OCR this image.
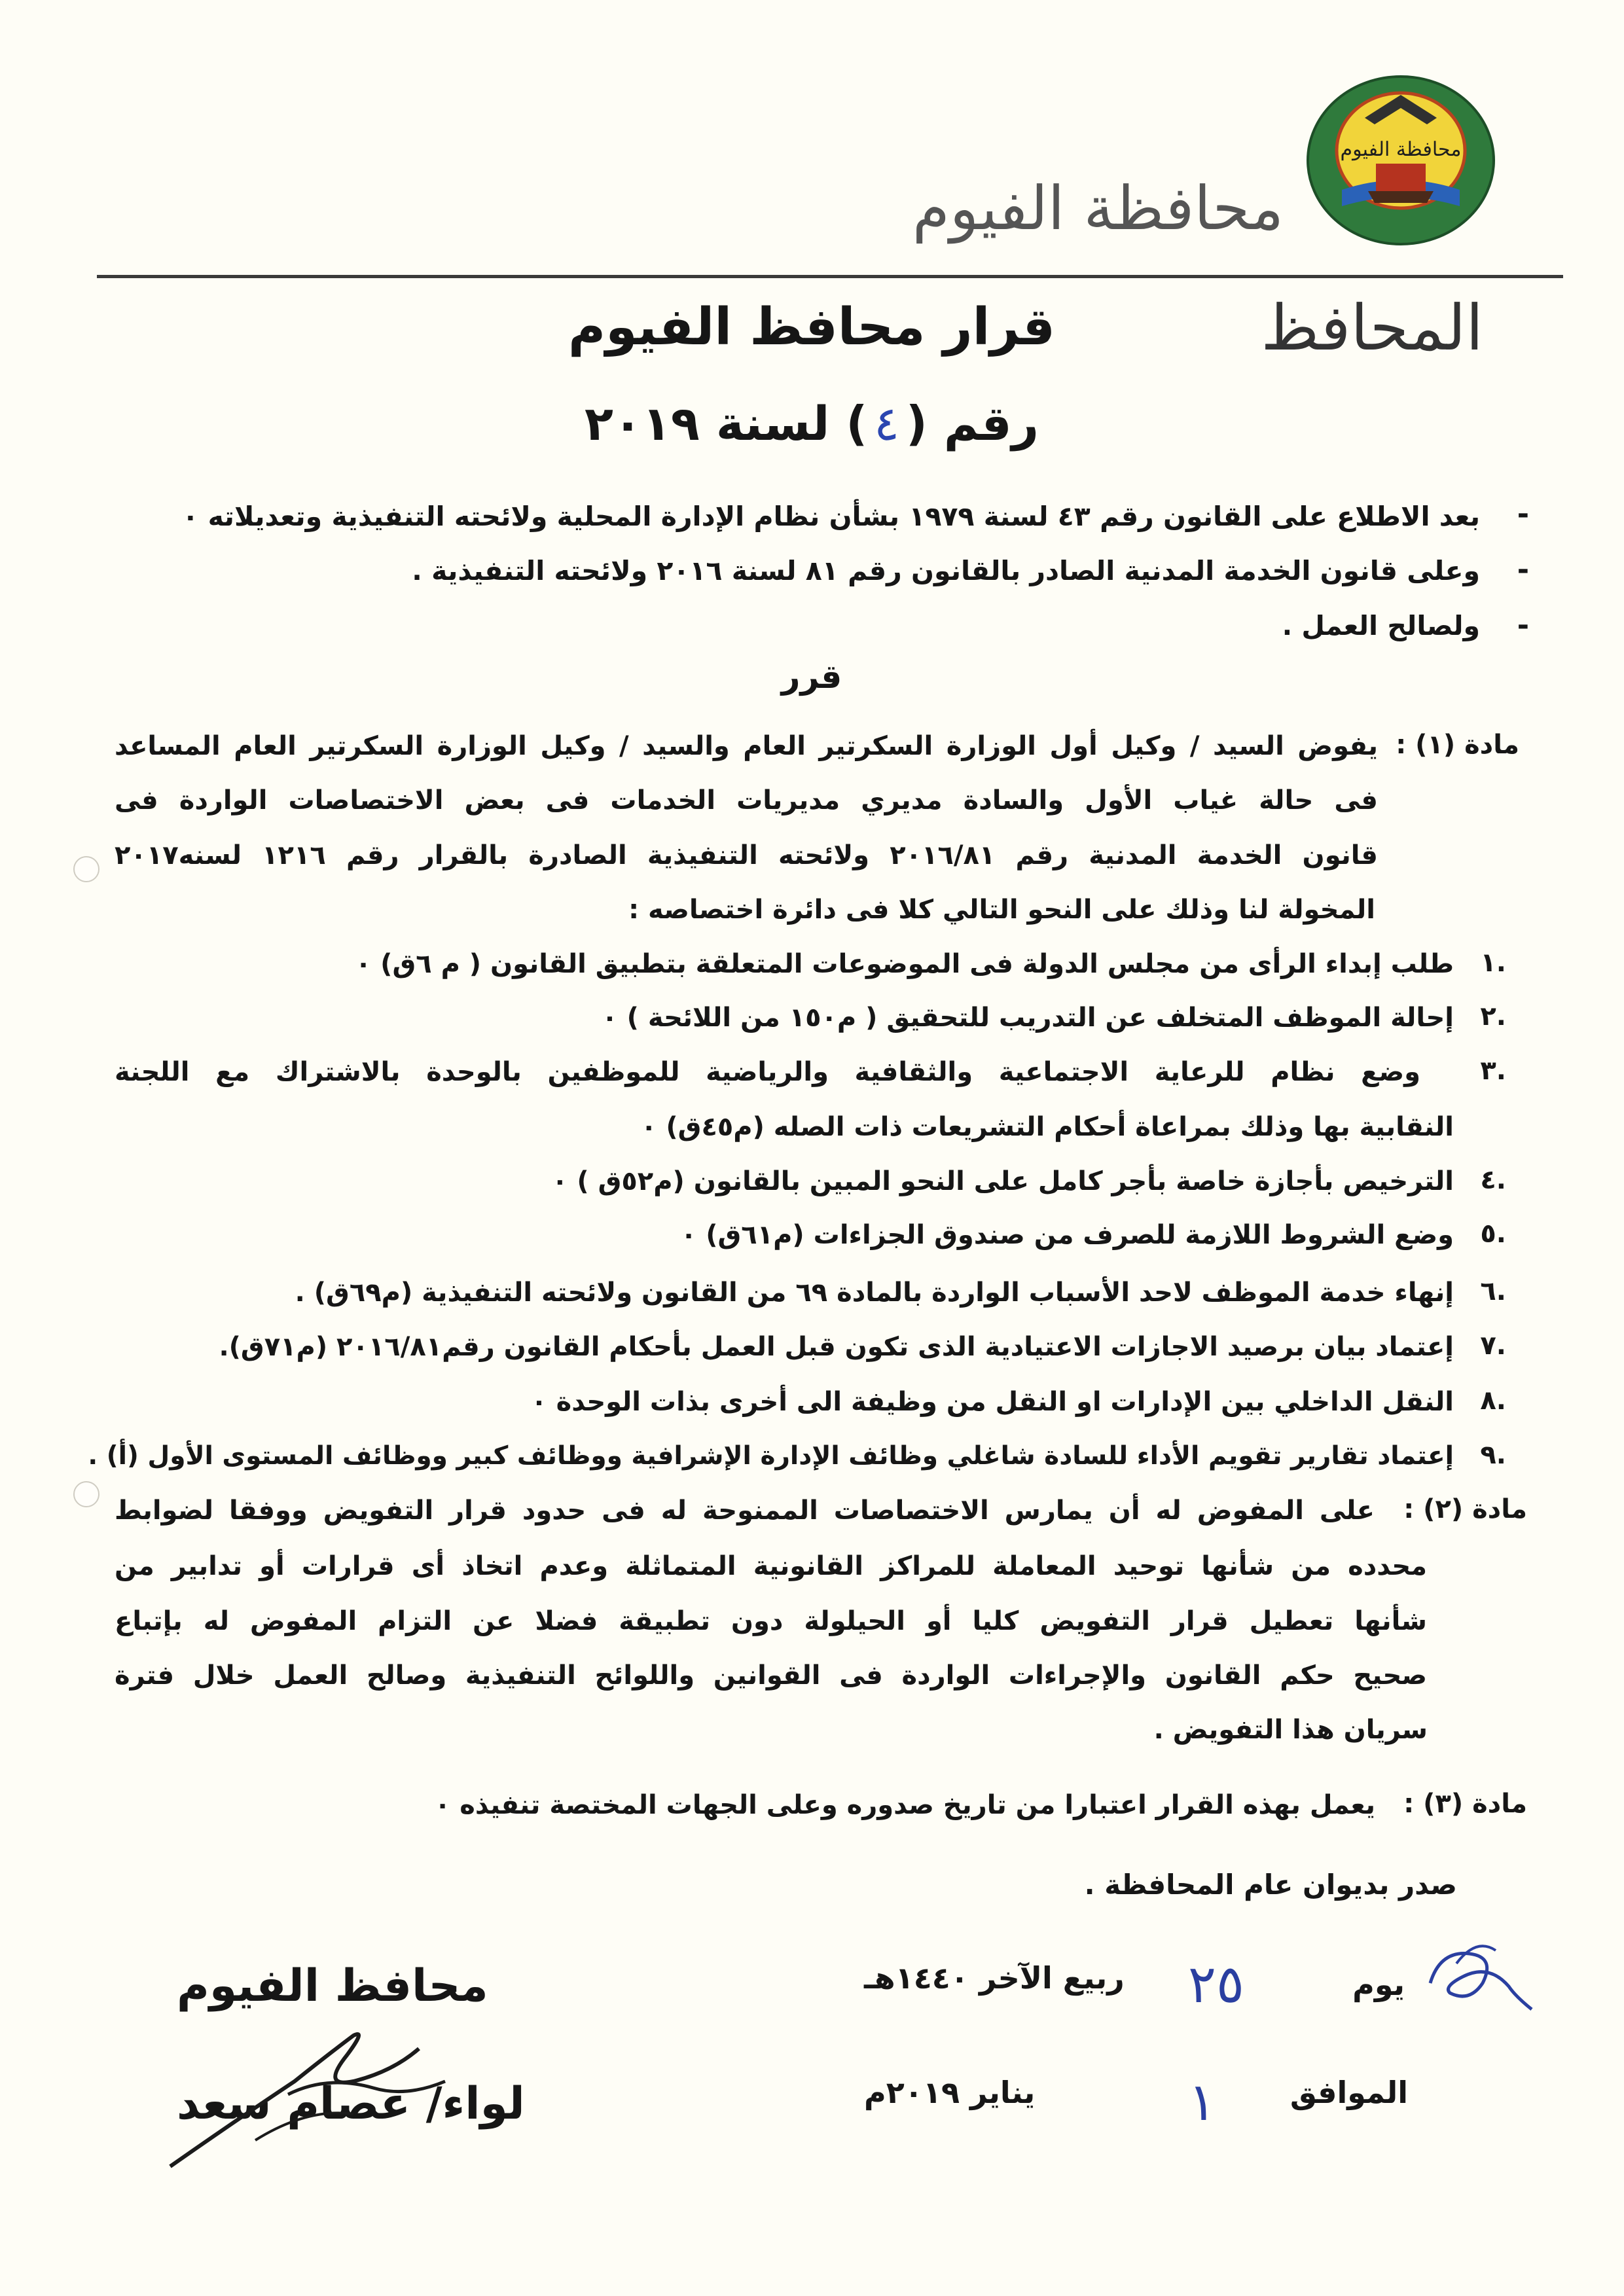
محافظة الفيوم
محافظة الفيوم
المحافظ
قرار محافظ الفيوم
رقم (٤) لسنة ٢٠١٩
-
بعد الاطلاع على القانون رقم ٤٣ لسنة ١٩٧٩ بشأن نظام الإدارة المحلية ولائحته التنفيذية وتعديلاته ٠
-
وعلى قانون الخدمة المدنية الصادر بالقانون رقم ٨١ لسنة ٢٠١٦ ولائحته التنفيذية .
-
ولصالح العمل .
قرر
مادة (١) :
يفوض السيد / وكيل أول الوزارة السكرتير العام والسيد / وكيل الوزارة السكرتير العام المساعد
فى حالة غياب الأول والسادة مديري مديريات الخدمات فى بعض الاختصاصات الواردة فى
قانون الخدمة المدنية رقم ٢٠١٦/٨١ ولائحته التنفيذية الصادرة بالقرار رقم ١٢١٦ لسنه٢٠١٧
المخولة لنا وذلك على النحو التالي كلا فى دائرة اختصاصه :
١.
طلب إبداء الرأى من مجلس الدولة فى الموضوعات المتعلقة بتطبيق القانون ( م ٦ق) ٠
٢.
إحالة الموظف المتخلف عن التدريب للتحقيق ( م١٥٠ من اللائحة ) ٠
٣.
وضع نظام للرعاية الاجتماعية والثقافية والرياضية للموظفين بالوحدة بالاشتراك مع اللجنة
النقابية بها وذلك بمراعاة أحكام التشريعات ذات الصله (م٤٥ق) ٠
٤.
الترخيص بأجازة خاصة بأجر كامل على النحو المبين بالقانون (م٥٢ق ) ٠
٥.
وضع الشروط اللازمة للصرف من صندوق الجزاءات (م٦١ق) ٠
٦.
إنهاء خدمة الموظف لاحد الأسباب الواردة بالمادة ٦٩ من القانون ولائحته التنفيذية (م٦٩ق) .
٧.
إعتماد بيان برصيد الاجازات الاعتيادية الذى تكون قبل العمل بأحكام القانون رقم٢٠١٦/٨١ (م٧١ق).
٨.
النقل الداخلي بين الإدارات او النقل من وظيفة الى أخرى بذات الوحدة ٠
٩.
إعتماد تقارير تقويم الأداء للسادة شاغلي وظائف الإدارة الإشرافية ووظائف كبير ووظائف المستوى الأول (أ) .
مادة (٢) :
على المفوض له أن يمارس الاختصاصات الممنوحة له فى حدود قرار التفويض ووفقا لضوابط
محدده من شأنها توحيد المعاملة للمراكز القانونية المتماثلة وعدم اتخاذ أى قرارات أو تدابير من
شأنها تعطيل قرار التفويض كليا أو الحيلولة دون تطبيقة فضلا عن التزام المفوض له بإتباع
صحيح حكم القانون والإجراءات الواردة فى القوانين واللوائح التنفيذية وصالح العمل خلال فترة
سريان هذا التفويض .
مادة (٣) :
يعمل بهذه القرار اعتبارا من تاريخ صدوره وعلى الجهات المختصة تنفيذه ٠
صدر بديوان عام المحافظة .
يوم
٢٥
ربيع الآخر ١٤٤٠هـ
الموافق
١
يناير ٢٠١٩م
محافظ الفيوم
لواء/ عصام سعد
